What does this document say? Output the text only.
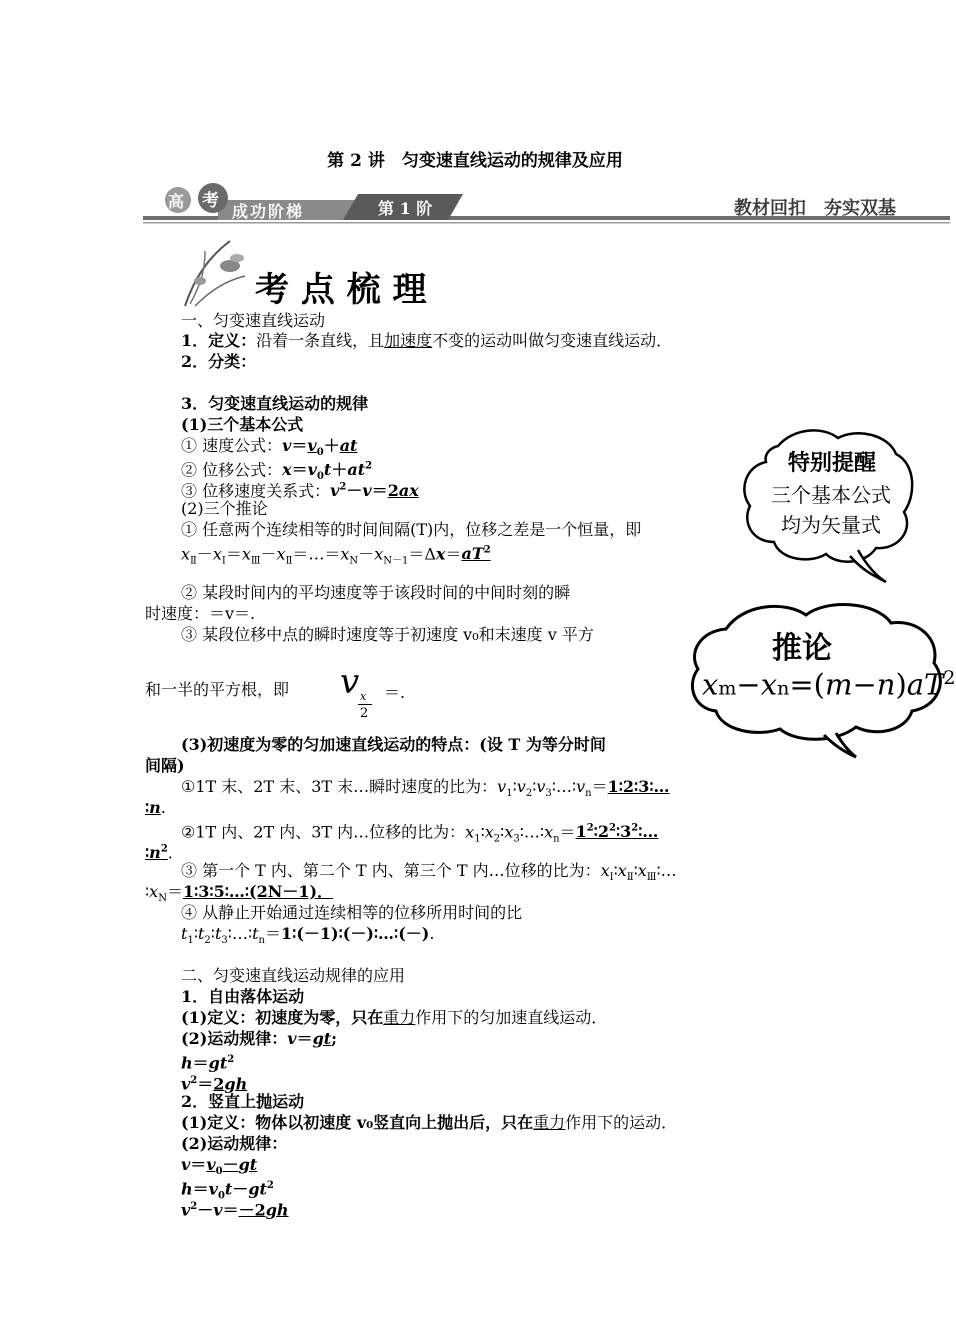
第 2 讲　匀变速直线运动的规律及应用
高 考
成功阶梯	第 1 阶	教材回扣　夯实双基
考 点 梳 理
一、匀变速直线运动
1．定义：沿着一条直线，且加速度不变的运动叫做匀变速直线运动．
2．分类：
3．匀变速直线运动的规律
(1)三个基本公式
① 速度公式：$v=v_0+at$
② 位移公式：$x=v_0t+at^2$
③ 位移速度关系式：$v^2-v=2ax$
(2)三个推论
① 任意两个连续相等的时间间隔(T)内，位移之差是一个恒量，即
$x_Ⅱ-x_Ⅰ=x_Ⅲ-x_Ⅱ=\dots=x_N-x_{N-1}=\Delta x=aT^2$
② 某段时间内的平均速度等于该段时间的中间时刻的瞬
时速度：＝v＝.
③ 某段位移中点的瞬时速度等于初速度 v₀和末速度 v 平方
和一半的平方根，即 v x
2
＝.
(3)初速度为零的匀加速直线运动的特点：(设 T 为等分时间
间隔)
①1T 末、2T 末、3T 末…瞬时速度的比为：$v_1∶v_2∶v_3∶\dots∶v_n=1∶2∶3∶\dots$
∶n.
②1T 内、2T 内、3T 内…位移的比为：$x_1∶x_2∶x_3∶\dots∶x_n=1^2∶2^2∶3^2∶\dots$
$∶n^2$.
③ 第一个 T 内、第二个 T 内、第三个 T 内…位移的比为：$x_Ⅰ∶x_Ⅱ∶x_Ⅲ∶\dots$
$∶x_N=1∶3∶5∶\dots∶(2N-1)$．
④ 从静止开始通过连续相等的位移所用时间的比
$t_1∶t_2∶t_3∶\dots∶t_n=1∶(-1)∶(-)∶\dots∶(-)$.
二、匀变速直线运动规律的应用
1．自由落体运动
(1)定义：初速度为零，只在重力作用下的匀加速直线运动．
(2)运动规律：v＝gt;
$h=gt^2$
$v^2=2gh$
2．竖直上抛运动
(1)定义：物体以初速度 v₀竖直向上抛出后，只在重力作用下的运动．
(2)运动规律：
$v=v_0-gt$
$h=v_0t-gt^2$
$v^2-v=-2gh$
特别提醒
三个基本公式
均为矢量式
推论
$xm-xn=(m-n)aT^2$
